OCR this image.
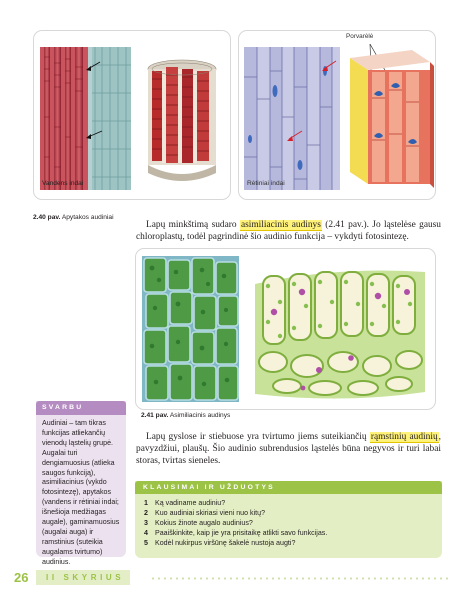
Vandens indai	Rėtiniai indai
Porvarėlė
2.40 pav. Apytakos audiniai

Lapų minkštimą sudaro asimiliacinis audinys (2.41 pav.). Jo ląstelėse gausu chloroplastų, todėl pagrindinė šio audinio funkcija – vykdyti fotosintezę.

2.41 pav. Asimiliacinis audinys

Lapų gyslose ir stiebuose yra tvirtumo jiems suteikiančių rąmstinių audinių, pavyzdžiui, plaušų. Šio audinio subrendusios ląstelės būna negyvos ir turi labai storas, tvirtas sieneles.

SVARBU
Audiniai – tam tikras funkcijas atliekančių vienodų ląstelių grupė. Augalai turi dengiamuosius (atlieka saugos funkciją), asimiliacinius (vykdo fotosintezę), apytakos (vandens ir rėtiniai indai; išnešioja medžiagas augale), gaminamuosius (augalai auga) ir ramstinius (suteikia augalams tvirtumo) audinius.
KLAUSIMAI IR UŽDUOTYS
1 Ką vadiname audiniu?
2 Kuo audiniai skiriasi vieni nuo kitų?
3 Kokius žinote augalo audinius?
4 Paaiškinkite, kaip jie yra prisitaikę atlikti savo funkcijas.
5 Kodėl nukirpus viršūnę šakelė nustoja augti?
26 II SKYRIUS
